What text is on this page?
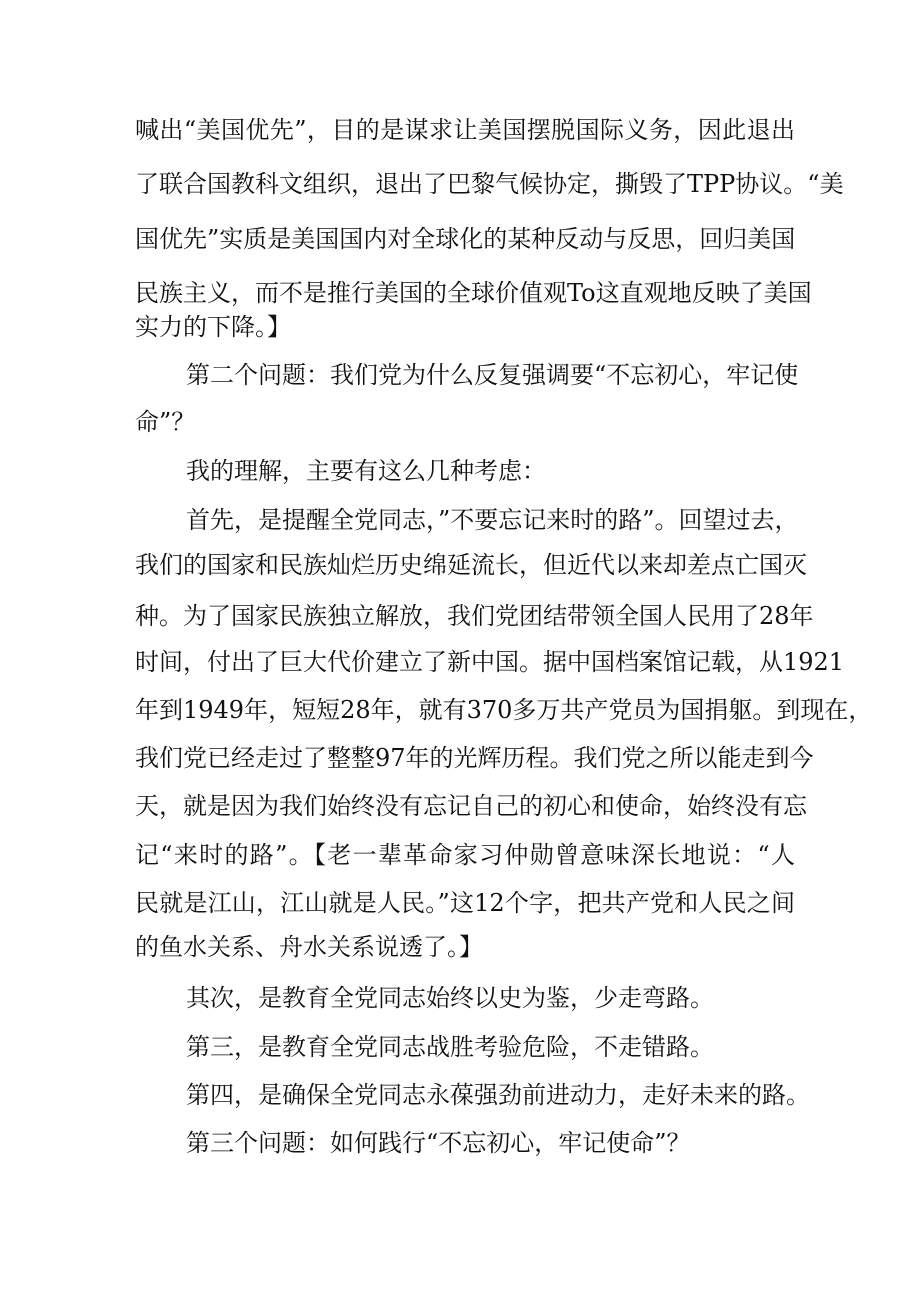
喊出“美国优先”，目的是谋求让美国摆脱国际义务，因此退出
了联合国教科文组织，退出了巴黎气候协定，撕毁了TPP协议。“美
国优先”实质是美国国内对全球化的某种反动与反思，回归美国
民族主义，而不是推行美国的全球价值观To这直观地反映了美国
实力的下降。】
第二个问题：我们党为什么反复强调要“不忘初心，牢记使
命”？
我的理解，主要有这么几种考虑：
首先，是提醒全党同志，”不要忘记来时的路”。回望过去，
我们的国家和民族灿烂历史绵延流长，但近代以来却差点亡国灭
种。为了国家民族独立解放，我们党团结带领全国人民用了28年
时间，付出了巨大代价建立了新中国。据中国档案馆记载，从1921
年到1949年，短短28年，就有370多万共产党员为国捐躯。到现在，
我们党已经走过了整整97年的光辉历程。我们党之所以能走到今
天，就是因为我们始终没有忘记自己的初心和使命，始终没有忘
记“来时的路”。【老一辈革命家习仲勋曾意味深长地说：“人
民就是江山，江山就是人民。”这12个字，把共产党和人民之间
的鱼水关系、舟水关系说透了。】
其次，是教育全党同志始终以史为鉴，少走弯路。
第三，是教育全党同志战胜考验危险，不走错路。
第四，是确保全党同志永葆强劲前进动力，走好未来的路。
第三个问题：如何践行“不忘初心，牢记使命”？
